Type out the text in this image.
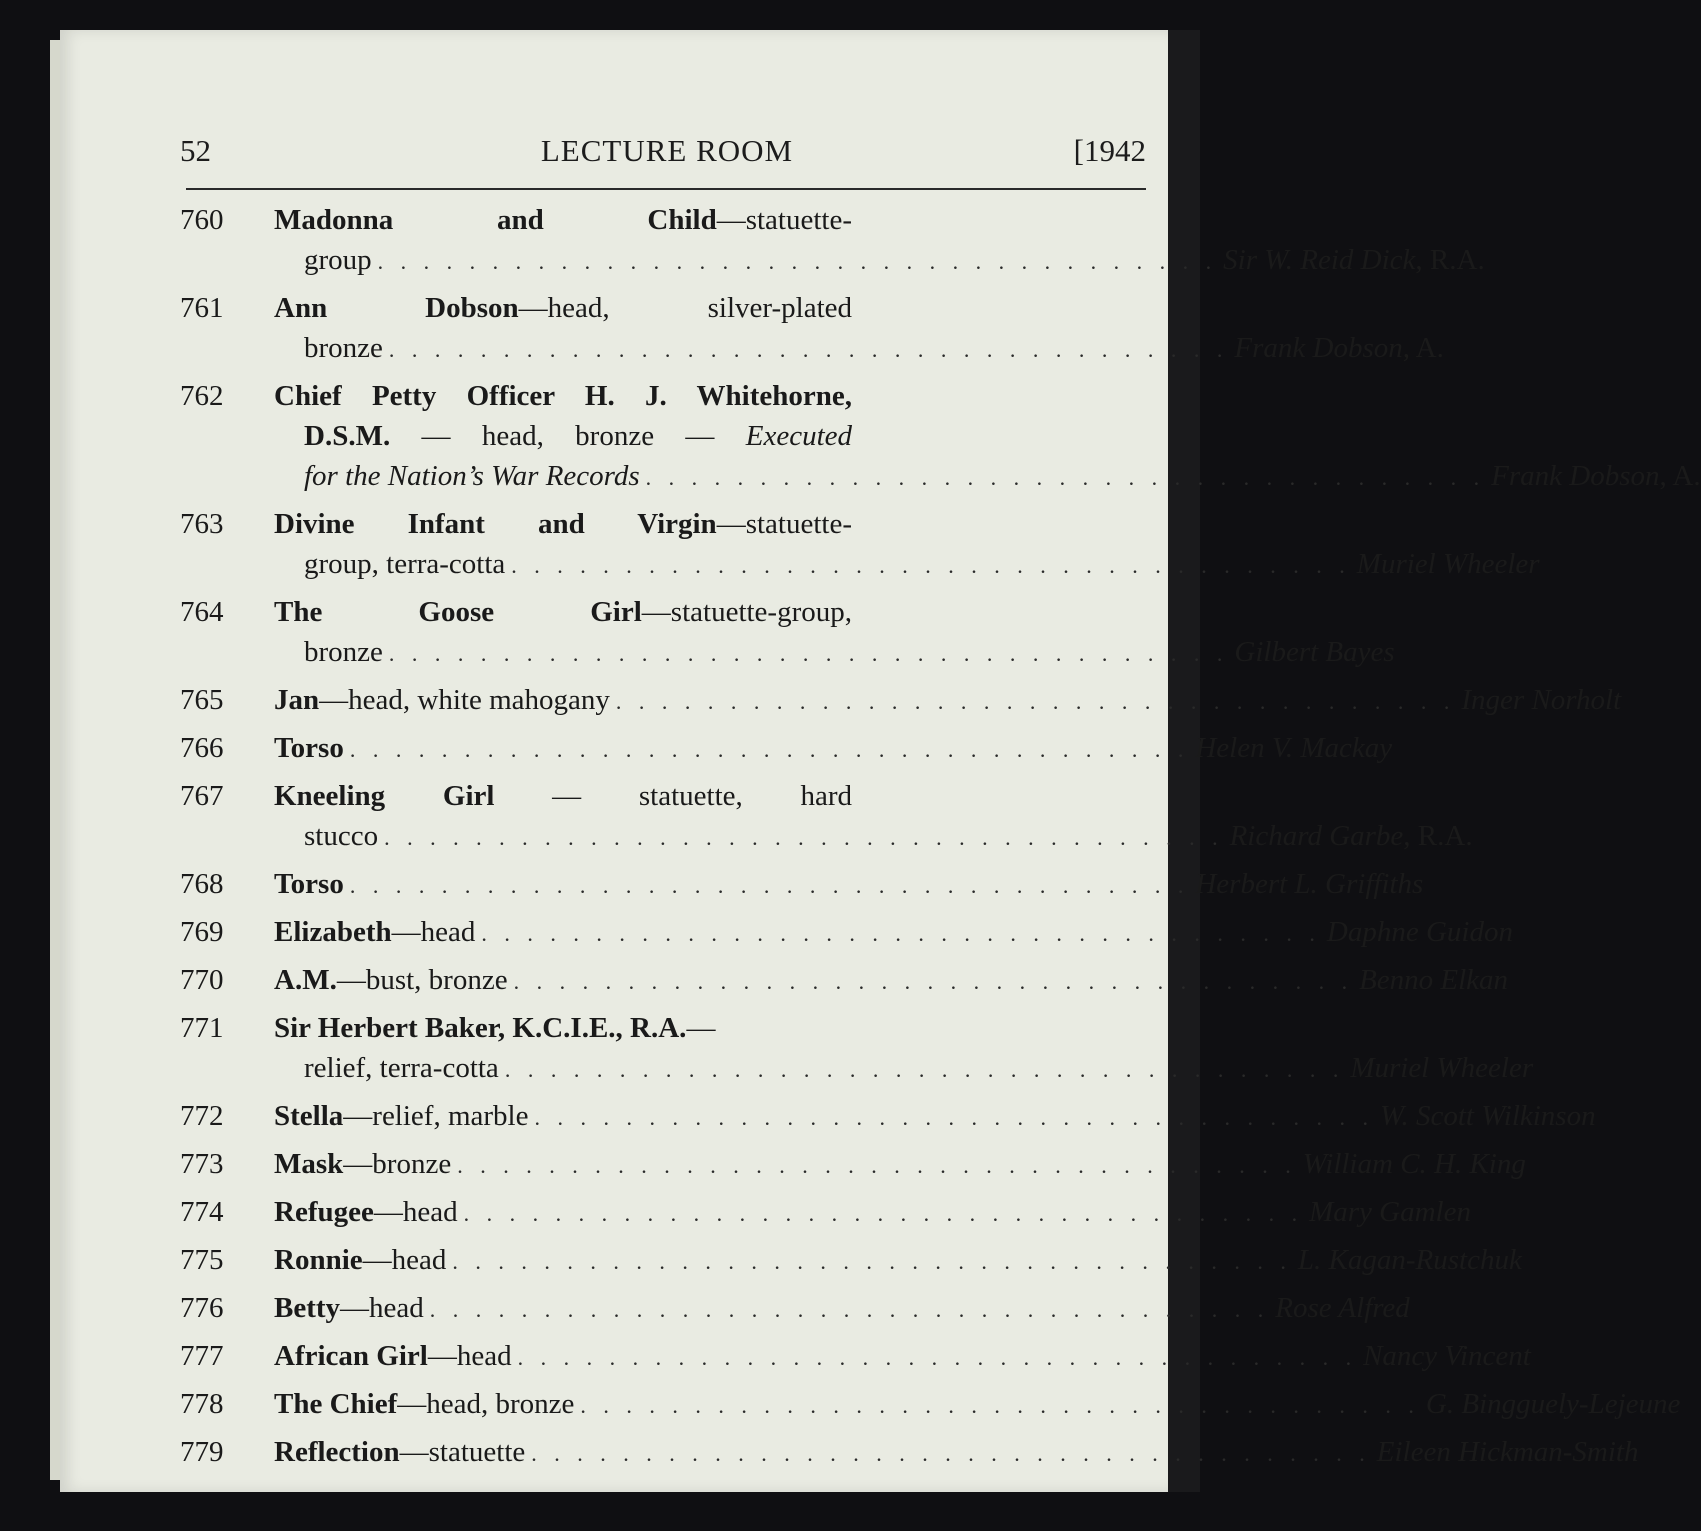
52	LECTURE ROOM	[1942
760	Madonna and Child—statuette-
group . . . . . . . . . . . . . . . . . . . . . . . . . . . . . . . . . . . . . Sir W. Reid Dick, R.A.
761	Ann Dobson—head, silver-plated
bronze . . . . . . . . . . . . . . . . . . . . . . . . . . . . . . . . . . . . . Frank Dobson, A.
762	Chief Petty Officer H. J. Whitehorne,
D.S.M. — head, bronze — Executed
for the Nation’s War Records . . . . . . . . . . . . . . . . . . . . . . . . . . . . . . . . . . . . . Frank Dobson, A.
763	Divine Infant and Virgin—statuette-
group, terra-cotta . . . . . . . . . . . . . . . . . . . . . . . . . . . . . . . . . . . . . Muriel Wheeler
764	The Goose Girl—statuette-group,
bronze . . . . . . . . . . . . . . . . . . . . . . . . . . . . . . . . . . . . . Gilbert Bayes
765	Jan—head, white mahogany . . . . . . . . . . . . . . . . . . . . . . . . . . . . . . . . . . . . . Inger Norholt
766	Torso . . . . . . . . . . . . . . . . . . . . . . . . . . . . . . . . . . . . . Helen V. Mackay
767	Kneeling Girl — statuette, hard
stucco . . . . . . . . . . . . . . . . . . . . . . . . . . . . . . . . . . . . . Richard Garbe, R.A.
768	Torso . . . . . . . . . . . . . . . . . . . . . . . . . . . . . . . . . . . . . Herbert L. Griffiths
769	Elizabeth—head . . . . . . . . . . . . . . . . . . . . . . . . . . . . . . . . . . . . . Daphne Guidon
770	A.M.—bust, bronze . . . . . . . . . . . . . . . . . . . . . . . . . . . . . . . . . . . . . Benno Elkan
771	Sir Herbert Baker, K.C.I.E., R.A.—
relief, terra-cotta . . . . . . . . . . . . . . . . . . . . . . . . . . . . . . . . . . . . . Muriel Wheeler
772	Stella—relief, marble . . . . . . . . . . . . . . . . . . . . . . . . . . . . . . . . . . . . . W. Scott Wilkinson
773	Mask—bronze . . . . . . . . . . . . . . . . . . . . . . . . . . . . . . . . . . . . . William C. H. King
774	Refugee—head . . . . . . . . . . . . . . . . . . . . . . . . . . . . . . . . . . . . . Mary Gamlen
775	Ronnie—head . . . . . . . . . . . . . . . . . . . . . . . . . . . . . . . . . . . . . L. Kagan-Rustchuk
776	Betty—head . . . . . . . . . . . . . . . . . . . . . . . . . . . . . . . . . . . . . Rose Alfred
777	African Girl—head . . . . . . . . . . . . . . . . . . . . . . . . . . . . . . . . . . . . . Nancy Vincent
778	The Chief—head, bronze . . . . . . . . . . . . . . . . . . . . . . . . . . . . . . . . . . . . . G. Bingguely-Lejeune
779	Reflection—statuette . . . . . . . . . . . . . . . . . . . . . . . . . . . . . . . . . . . . . Eileen Hickman-Smith
